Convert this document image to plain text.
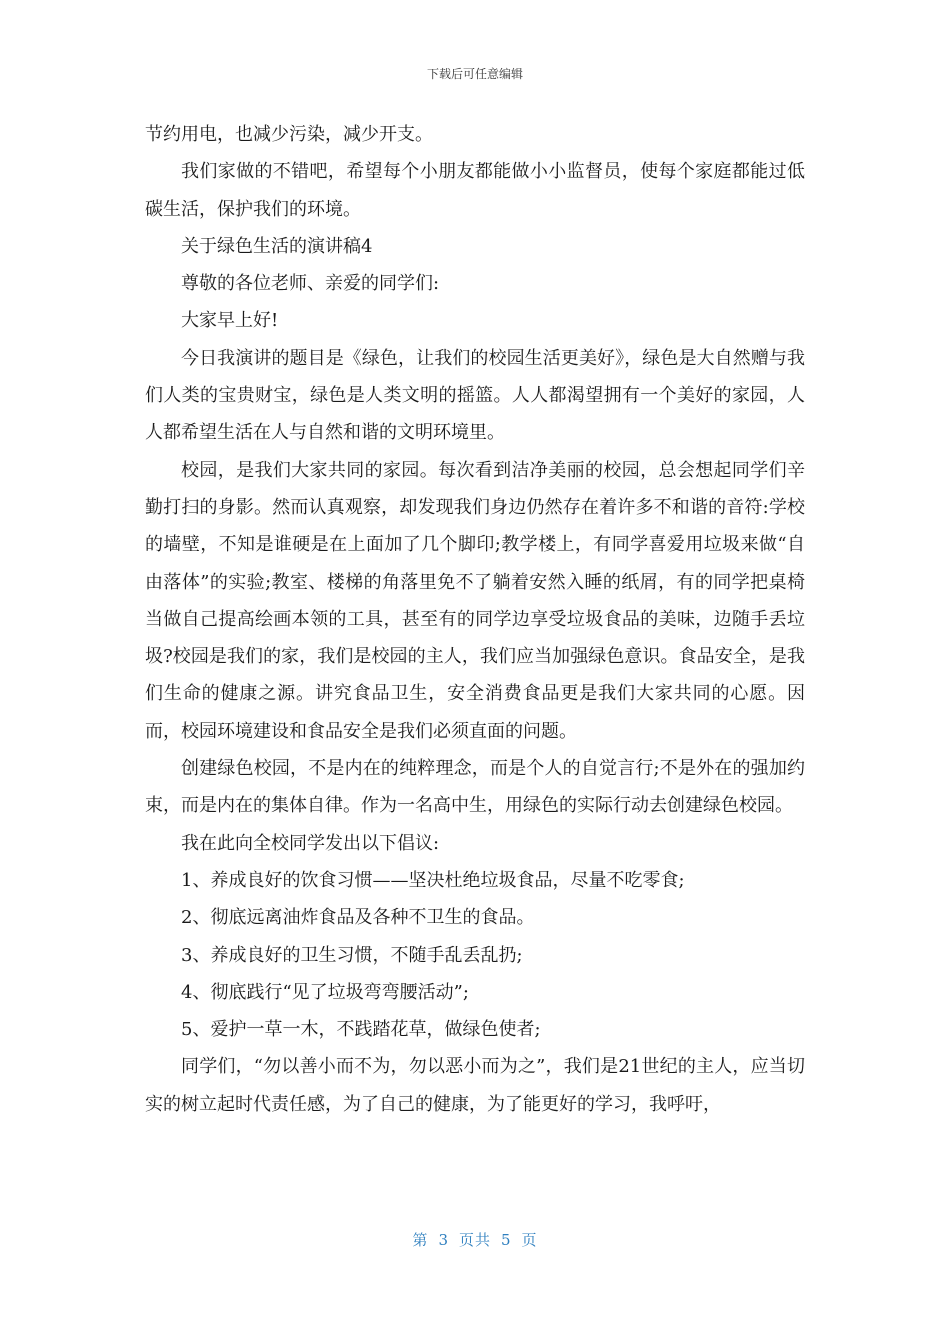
下载后可任意编辑

节约用电，也减少污染，减少开支。

我们家做的不错吧，希望每个小朋友都能做小小监督员，使每个家庭都能过低碳生活，保护我们的环境。

关于绿色生活的演讲稿4

尊敬的各位老师、亲爱的同学们:

大家早上好!

今日我演讲的题目是《绿色，让我们的校园生活更美好》，绿色是大自然赠与我们人类的宝贵财宝，绿色是人类文明的摇篮。人人都渴望拥有一个美好的家园，人人都希望生活在人与自然和谐的文明环境里。

校园，是我们大家共同的家园。每次看到洁净美丽的校园，总会想起同学们辛勤打扫的身影。然而认真观察，却发现我们身边仍然存在着许多不和谐的音符:学校的墙壁，不知是谁硬是在上面加了几个脚印;教学楼上，有同学喜爱用垃圾来做“自由落体”的实验;教室、楼梯的角落里免不了躺着安然入睡的纸屑，有的同学把桌椅当做自己提高绘画本领的工具，甚至有的同学边享受垃圾食品的美味，边随手丢垃圾?校园是我们的家，我们是校园的主人，我们应当加强绿色意识。食品安全，是我们生命的健康之源。讲究食品卫生，安全消费食品更是我们大家共同的心愿。因而，校园环境建设和食品安全是我们必须直面的问题。

创建绿色校园，不是内在的纯粹理念，而是个人的自觉言行;不是外在的强加约束，而是内在的集体自律。作为一名高中生，用绿色的实际行动去创建绿色校园。

我在此向全校同学发出以下倡议:

1、养成良好的饮食习惯——坚决杜绝垃圾食品，尽量不吃零食;

2、彻底远离油炸食品及各种不卫生的食品。

3、养成良好的卫生习惯，不随手乱丢乱扔;

4、彻底践行“见了垃圾弯弯腰活动”;

5、爱护一草一木，不践踏花草，做绿色使者;

同学们，“勿以善小而不为，勿以恶小而为之”，我们是21世纪的主人，应当切实的树立起时代责任感，为了自己的健康，为了能更好的学习，我呼吁，

第 3 页共 5 页
